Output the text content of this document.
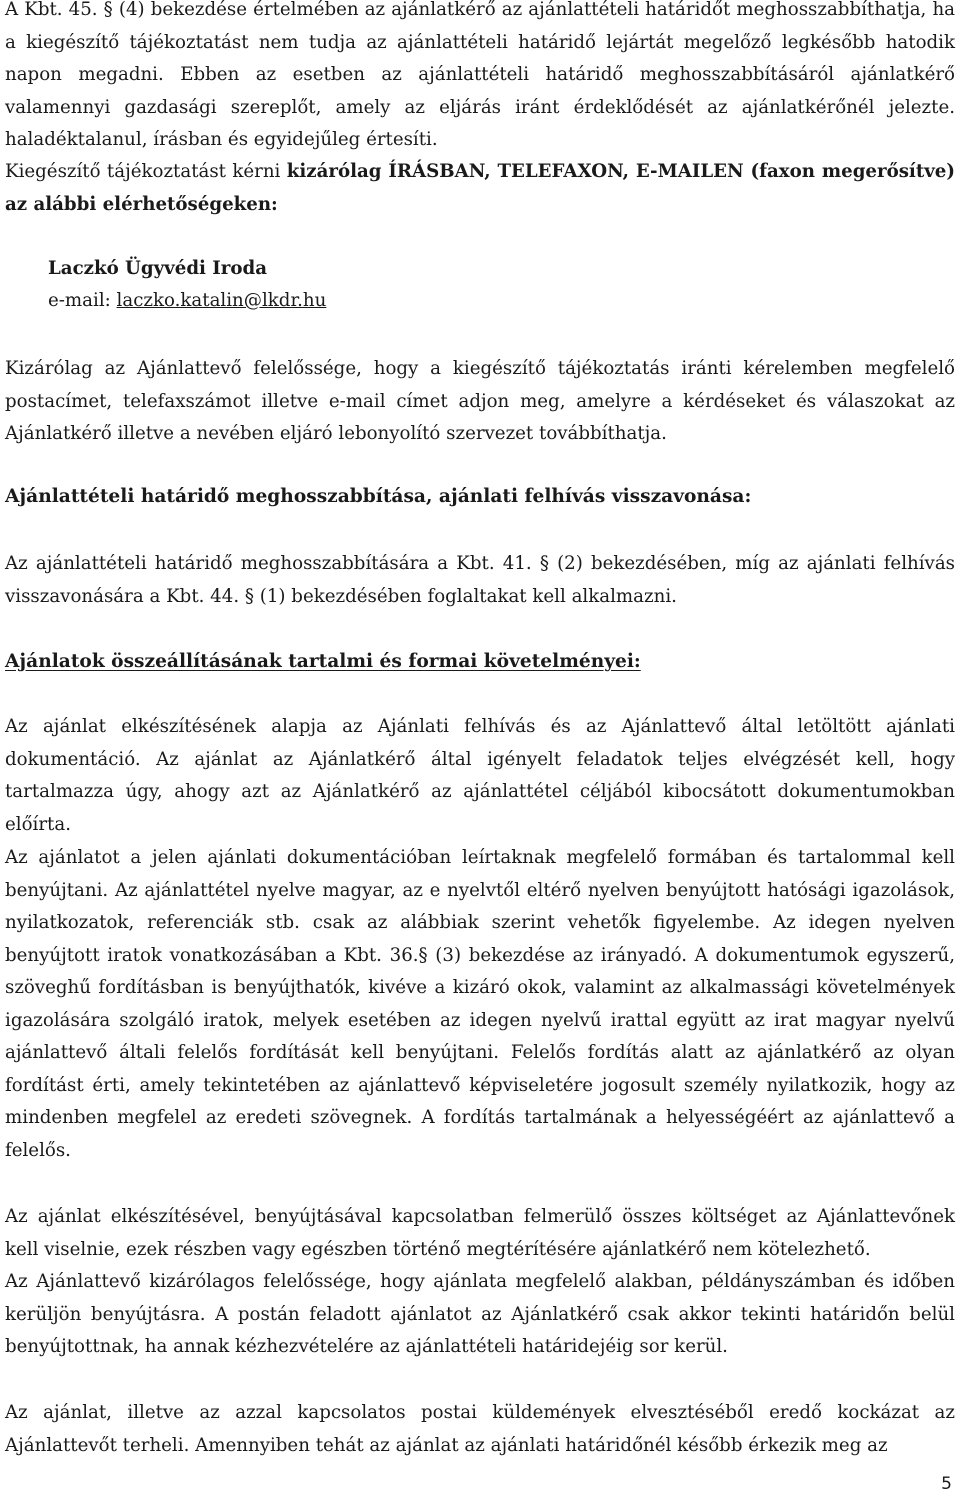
A Kbt. 45. § (4) bekezdése értelmében az ajánlatkérő az ajánlattételi határidőt meghosszabbíthatja, ha a kiegészítő tájékoztatást nem tudja az ajánlattételi határidő lejártát megelőző legkésőbb hatodik napon megadni. Ebben az esetben az ajánlattételi határidő meghosszabbításáról ajánlatkérő valamennyi gazdasági szereplőt, amely az eljárás iránt érdeklődését az ajánlatkérőnél jelezte. haladéktalanul, írásban és egyidejűleg értesíti.

Kiegészítő tájékoztatást kérni kizárólag ÍRÁSBAN, TELEFAXON, E-MAILEN (faxon megerősítve) az alábbi elérhetőségeken:

Laczkó Ügyvédi Iroda
e-mail: laczko.katalin@lkdr.hu

Kizárólag az Ajánlattevő felelőssége, hogy a kiegészítő tájékoztatás iránti kérelemben megfelelő postacímet, telefaxszámot illetve e-mail címet adjon meg, amelyre a kérdéseket és válaszokat az Ajánlatkérő illetve a nevében eljáró lebonyolító szervezet továbbíthatja.

Ajánlattételi határidő meghosszabbítása, ajánlati felhívás visszavonása:

Az ajánlattételi határidő meghosszabbítására a Kbt. 41. § (2) bekezdésében, míg az ajánlati felhívás visszavonására a Kbt. 44. § (1) bekezdésében foglaltakat kell alkalmazni.

Ajánlatok összeállításának tartalmi és formai követelményei:

Az ajánlat elkészítésének alapja az Ajánlati felhívás és az Ajánlattevő által letöltött ajánlati dokumentáció. Az ajánlat az Ajánlatkérő által igényelt feladatok teljes elvégzését kell, hogy tartalmazza úgy, ahogy azt az Ajánlatkérő az ajánlattétel céljából kibocsátott dokumentumokban előírta.

Az ajánlatot a jelen ajánlati dokumentációban leírtaknak megfelelő formában és tartalommal kell benyújtani. Az ajánlattétel nyelve magyar, az e nyelvtől eltérő nyelven benyújtott hatósági igazolások, nyilatkozatok, referenciák stb. csak az alábbiak szerint vehetők figyelembe. Az idegen nyelven benyújtott iratok vonatkozásában a Kbt. 36.§ (3) bekezdése az irányadó. A dokumentumok egyszerű, szöveghű fordításban is benyújthatók, kivéve a kizáró okok, valamint az alkalmassági követelmények igazolására szolgáló iratok, melyek esetében az idegen nyelvű irattal együtt az irat magyar nyelvű ajánlattevő általi felelős fordítását kell benyújtani. Felelős fordítás alatt az ajánlatkérő az olyan fordítást érti, amely tekintetében az ajánlattevő képviseletére jogosult személy nyilatkozik, hogy az mindenben megfelel az eredeti szövegnek. A fordítás tartalmának a helyességéért az ajánlattevő a felelős.

Az ajánlat elkészítésével, benyújtásával kapcsolatban felmerülő összes költséget az Ajánlattevőnek kell viselnie, ezek részben vagy egészben történő megtérítésére ajánlatkérő nem kötelezhető.

Az Ajánlattevő kizárólagos felelőssége, hogy ajánlata megfelelő alakban, példányszámban és időben kerüljön benyújtásra. A postán feladott ajánlatot az Ajánlatkérő csak akkor tekinti határidőn belül benyújtottnak, ha annak kézhezvételére az ajánlattételi határidejéig sor kerül.

Az ajánlat, illetve az azzal kapcsolatos postai küldemények elvesztéséből eredő kockázat az Ajánlattevőt terheli. Amennyiben tehát az ajánlat az ajánlati határidőnél később érkezik meg az

5
